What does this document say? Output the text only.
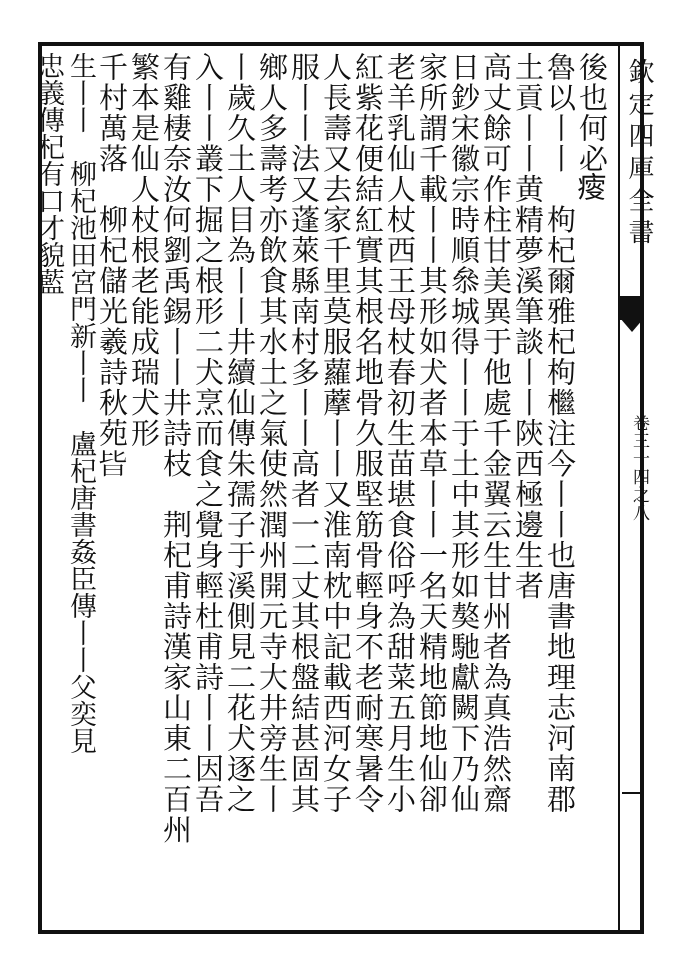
欽定四庫全書
卷三十四之八
後也何必𤸃
魯以丨丨　枸杞爾雅杞枸檵注今丨丨也唐書地理志河南郡
土貢丨丨黄精夢溪筆談丨丨陝西極邊生者
高丈餘可作柱甘美異于他處千金翼云生甘州者為真浩然齋
日鈔宋徽宗時順叅城得丨丨于土中其形如獒馳獻闕下乃仙
家所謂千載丨丨其形如犬者本草丨丨一名天精地節地仙卻
老羊乳仙人杖西王母杖春初生苗堪食俗呼為甜菜五月生小
紅紫花便結紅實其根名地骨久服堅筋骨輕身不老耐寒暑令
人長壽又去家千里莫服蘿藦丨丨又淮南枕中記載西河女子
服丨丨法又蓬萊縣南村多丨丨高者一二丈其根盤結甚固其
鄉人多壽考亦飲食其水土之氣使然潤州開元寺大井旁生丨
丨歲久土人目為丨丨井續仙傳朱孺子于溪側見二花犬逐之
入丨丨叢下掘之根形二犬烹而食之覺身輕杜甫詩丨丨因吾
有雞棲奈汝何劉禹錫丨丨井詩枝　荆杞甫詩漢家山東二百州
繁本是仙人杖根老能成瑞犬形
千村萬落　柳杞儲光羲詩秋苑𣅜
生丨丨　柳杞池田宮門新丨丨　盧杞唐書姦臣傳丨丨父奕見
忠義傳杞有口才貌藍
